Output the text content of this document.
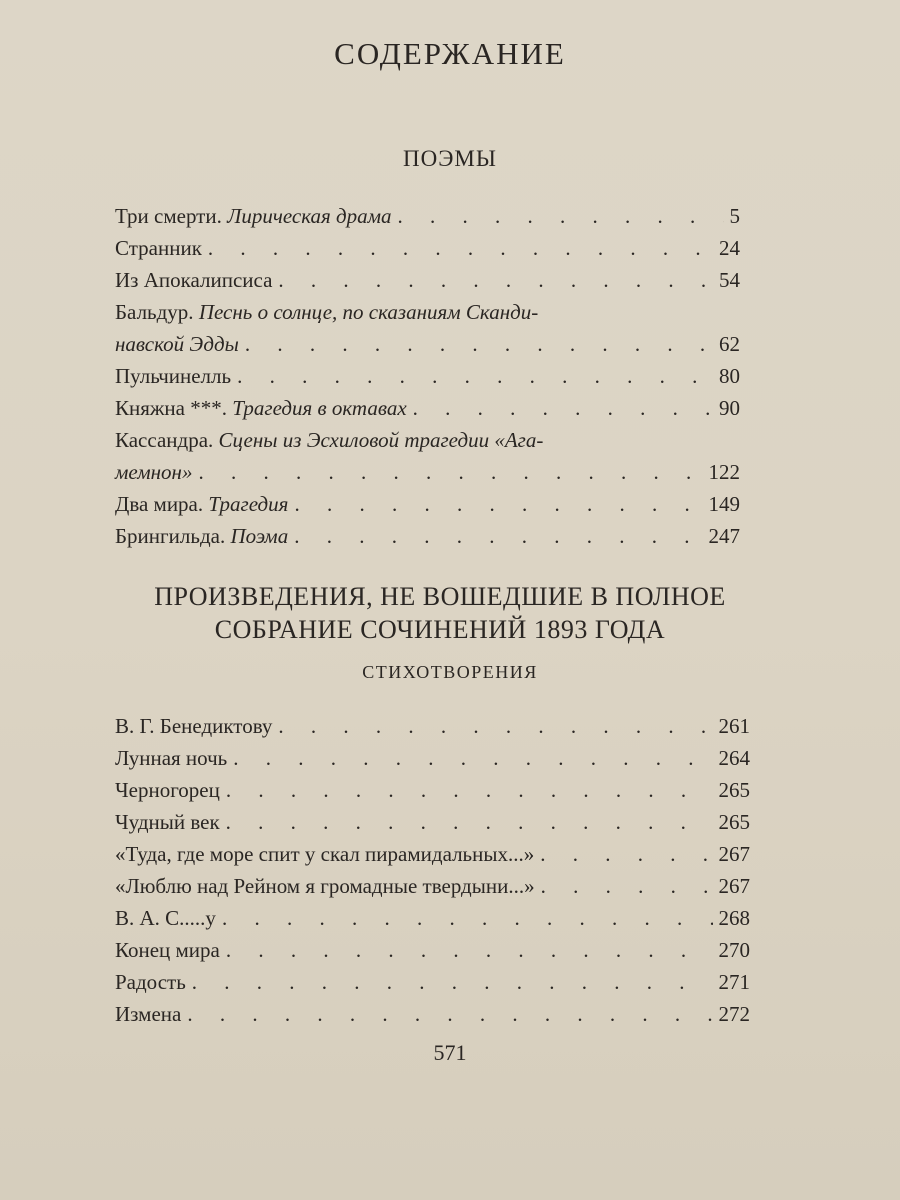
СОДЕРЖАНИЕ
ПОЭМЫ
Три смерти. Лирическая драма . . .	5
Странник . . .	24
Из Апокалипсиса . . .	54
Бальдур. Песнь о солнце, по сказаниям Сканди-
навской Эдды . . .	62
Пульчинелль . . .	80
Княжна ***. Трагедия в октавах . . .	90
Кассандра. Сцены из Эсхиловой трагедии «Ага-
мемнон» . . .	122
Два мира. Трагедия . . .	149
Брингильда. Поэма . . .	247
ПРОИЗВЕДЕНИЯ, НЕ ВОШЕДШИЕ В ПОЛНОЕ
СОБРАНИЕ СОЧИНЕНИЙ 1893 ГОДА
СТИХОТВОРЕНИЯ
В. Г. Бенедиктову . . .	261
Лунная ночь . . .	264
Черногорец . . .	265
Чудный век . . .	265
«Туда, где море спит у скал пирамидальных...» . . .	267
«Люблю над Рейном я громадные твердыни...» . . .	267
В. А. С.....у . . .	268
Конец мира . . .	270
Радость . . .	271
Измена . . .	272
571
